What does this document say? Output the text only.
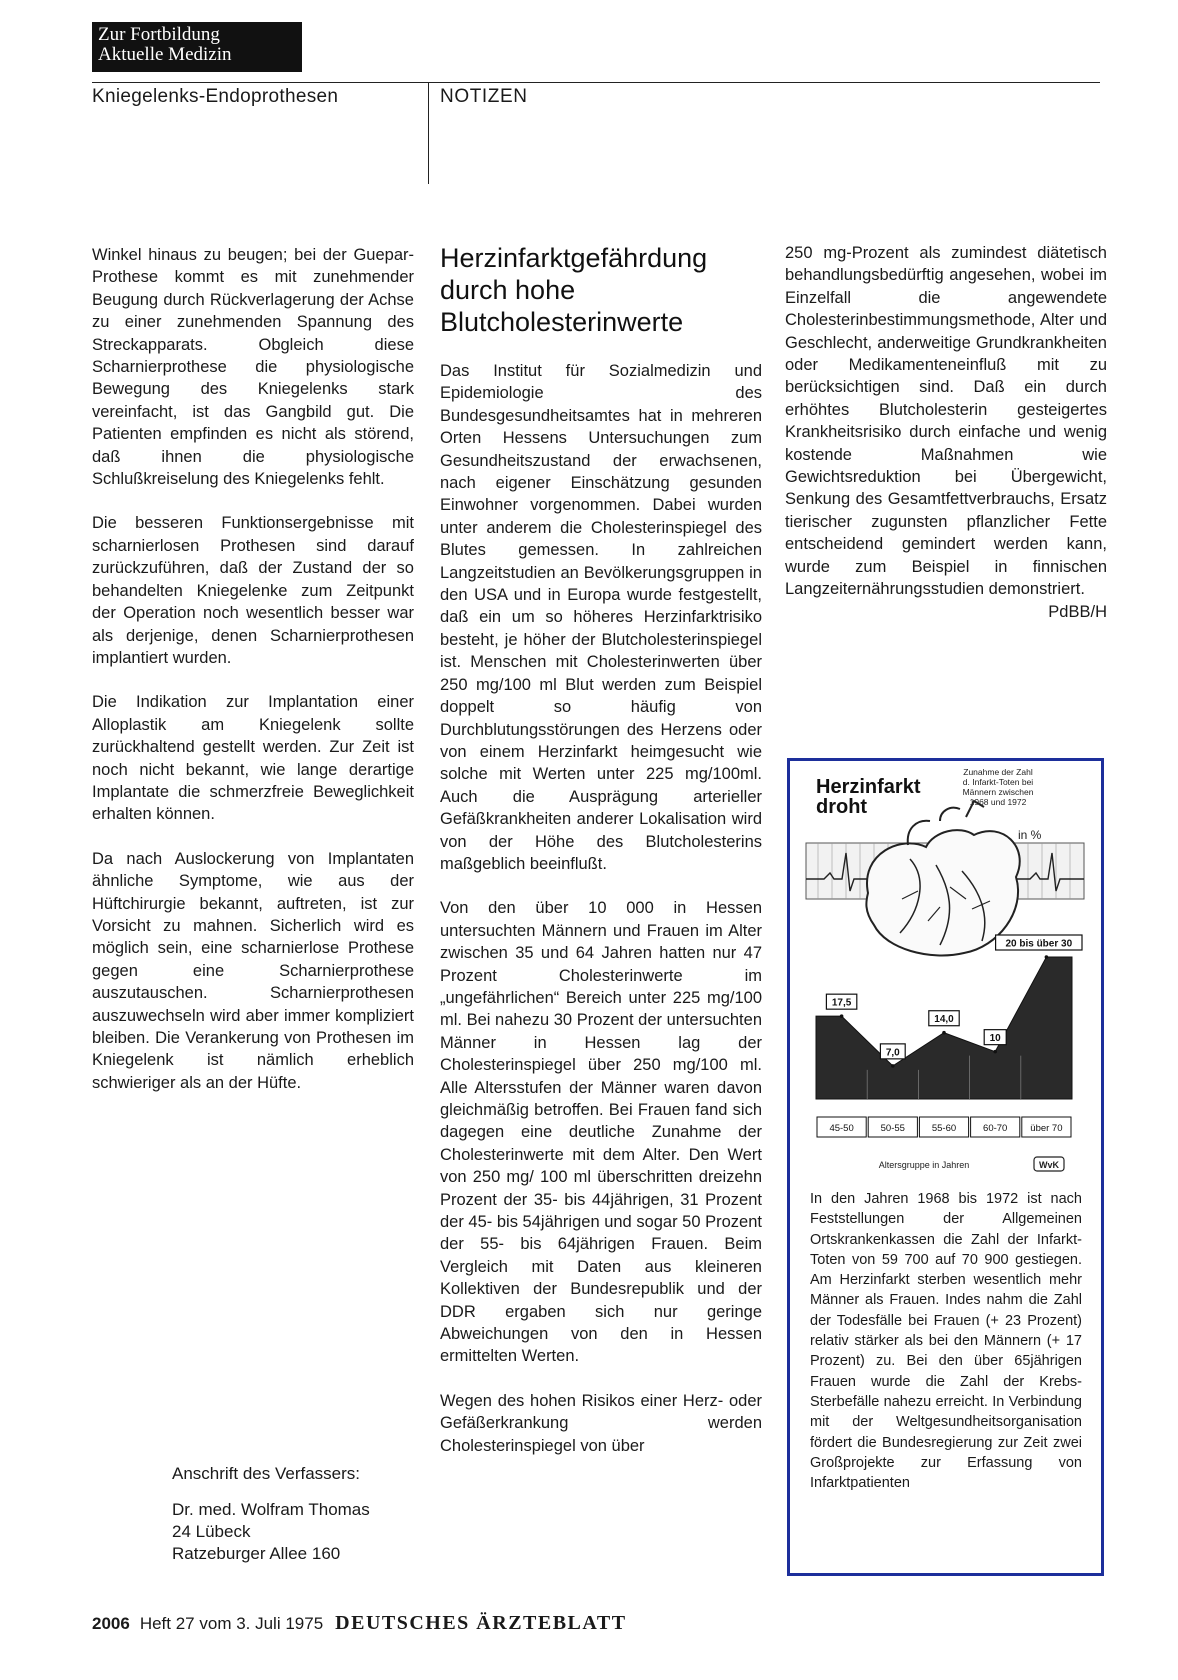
Zur Fortbildung
Aktuelle Medizin
Kniegelenks-Endoprothesen	NOTIZEN

Winkel hinaus zu beugen; bei der Guepar-Prothese kommt es mit zunehmender Beugung durch Rückverlagerung der Achse zu einer zunehmenden Spannung des Streckapparats. Obgleich diese Scharnierprothese die physiologische Bewegung des Kniegelenks stark vereinfacht, ist das Gangbild gut. Die Patienten empfinden es nicht als störend, daß ihnen die physiologische Schlußkreiselung des Kniegelenks fehlt.

Die besseren Funktionsergebnisse mit scharnierlosen Prothesen sind darauf zurückzuführen, daß der Zustand der so behandelten Kniegelenke zum Zeitpunkt der Operation noch wesentlich besser war als derjenige, denen Scharnierprothesen implantiert wurden.

Die Indikation zur Implantation einer Alloplastik am Kniegelenk sollte zurückhaltend gestellt werden. Zur Zeit ist noch nicht bekannt, wie lange derartige Implantate die schmerzfreie Beweglichkeit erhalten können.

Da nach Auslockerung von Implantaten ähnliche Symptome, wie aus der Hüftchirurgie bekannt, auftreten, ist zur Vorsicht zu mahnen. Sicherlich wird es möglich sein, eine scharnierlose Prothese gegen eine Scharnierprothese auszutauschen. Scharnierprothesen auszuwechseln wird aber immer kompliziert bleiben. Die Verankerung von Prothesen im Kniegelenk ist nämlich erheblich schwieriger als an der Hüfte.

Anschrift des Verfassers:
Dr. med. Wolfram Thomas
24 Lübeck
Ratzeburger Allee 160
Herzinfarktgefährdung durch hohe Blutcholesterinwerte

Das Institut für Sozialmedizin und Epidemiologie des Bundesgesundheitsamtes hat in mehreren Orten Hessens Untersuchungen zum Gesundheitszustand der erwachsenen, nach eigener Einschätzung gesunden Einwohner vorgenommen. Dabei wurden unter anderem die Cholesterinspiegel des Blutes gemessen. In zahlreichen Langzeitstudien an Bevölkerungsgruppen in den USA und in Europa wurde festgestellt, daß ein um so höheres Herzinfarktrisiko besteht, je höher der Blutcholesterinspiegel ist. Menschen mit Cholesterinwerten über 250 mg/100 ml Blut werden zum Beispiel doppelt so häufig von Durchblutungsstörungen des Herzens oder von einem Herzinfarkt heimgesucht wie solche mit Werten unter 225 mg/100ml. Auch die Ausprägung arterieller Gefäßkrankheiten anderer Lokalisation wird von der Höhe des Blutcholesterins maßgeblich beeinflußt.

Von den über 10 000 in Hessen untersuchten Männern und Frauen im Alter zwischen 35 und 64 Jahren hatten nur 47 Prozent Cholesterinwerte im „ungefährlichen“ Bereich unter 225 mg/100 ml. Bei nahezu 30 Prozent der untersuchten Männer in Hessen lag der Cholesterinspiegel über 250 mg/100 ml. Alle Altersstufen der Männer waren davon gleichmäßig betroffen. Bei Frauen fand sich dagegen eine deutliche Zunahme der Cholesterinwerte mit dem Alter. Den Wert von 250 mg/ 100 ml überschritten dreizehn Prozent der 35- bis 44jährigen, 31 Prozent der 45- bis 54jährigen und sogar 50 Prozent der 55- bis 64jährigen Frauen. Beim Vergleich mit Daten aus kleineren Kollektiven der Bundesrepublik und der DDR ergaben sich nur geringe Abweichungen von den in Hessen ermittelten Werten.

Wegen des hohen Risikos einer Herz- oder Gefäßerkrankung werden Cholesterinspiegel von über

250 mg-Prozent als zumindest diätetisch behandlungsbedürftig angesehen, wobei im Einzelfall die angewendete Cholesterinbestimmungsmethode, Alter und Geschlecht, anderweitige Grundkrankheiten oder Medikamenteneinfluß mit zu berücksichtigen sind. Daß ein durch erhöhtes Blutcholesterin gesteigertes Krankheitsrisiko durch einfache und wenig kostende Maßnahmen wie Gewichtsreduktion bei Übergewicht, Senkung des Gesamtfettverbrauchs, Ersatz tierischer zugunsten pflanzlicher Fette entscheidend gemindert werden kann, wurde zum Beispiel in finnischen Langzeiternährungsstudien demonstriert.

PdBB/H
Herzinfarkt
droht
Zunahme der Zahl
d. Infarkt-Toten bei
Männern zwischen
1968 und 1972
in %
17,5
7,0
14,0
10
20 bis über 30
45-50	50-55	55-60	60-70 über 70
Altersgruppe in Jahren	WvK
In den Jahren 1968 bis 1972 ist nach Feststellungen der Allgemeinen Ortskrankenkassen die Zahl der Infarkt-Toten von 59 700 auf 70 900 gestiegen. Am Herzinfarkt sterben wesentlich mehr Männer als Frauen. Indes nahm die Zahl der Todesfälle bei Frauen (+ 23 Prozent) relativ stärker als bei den Männern (+ 17 Prozent) zu. Bei den über 65jährigen Frauen wurde die Zahl der Krebs-Sterbefälle nahezu erreicht. In Verbindung mit der Weltgesundheitsorganisation fördert die Bundesregierung zur Zeit zwei Großprojekte zur Erfassung von Infarktpatienten
2006 Heft 27 vom 3. Juli 1975 DEUTSCHES ÄRZTEBLATT
